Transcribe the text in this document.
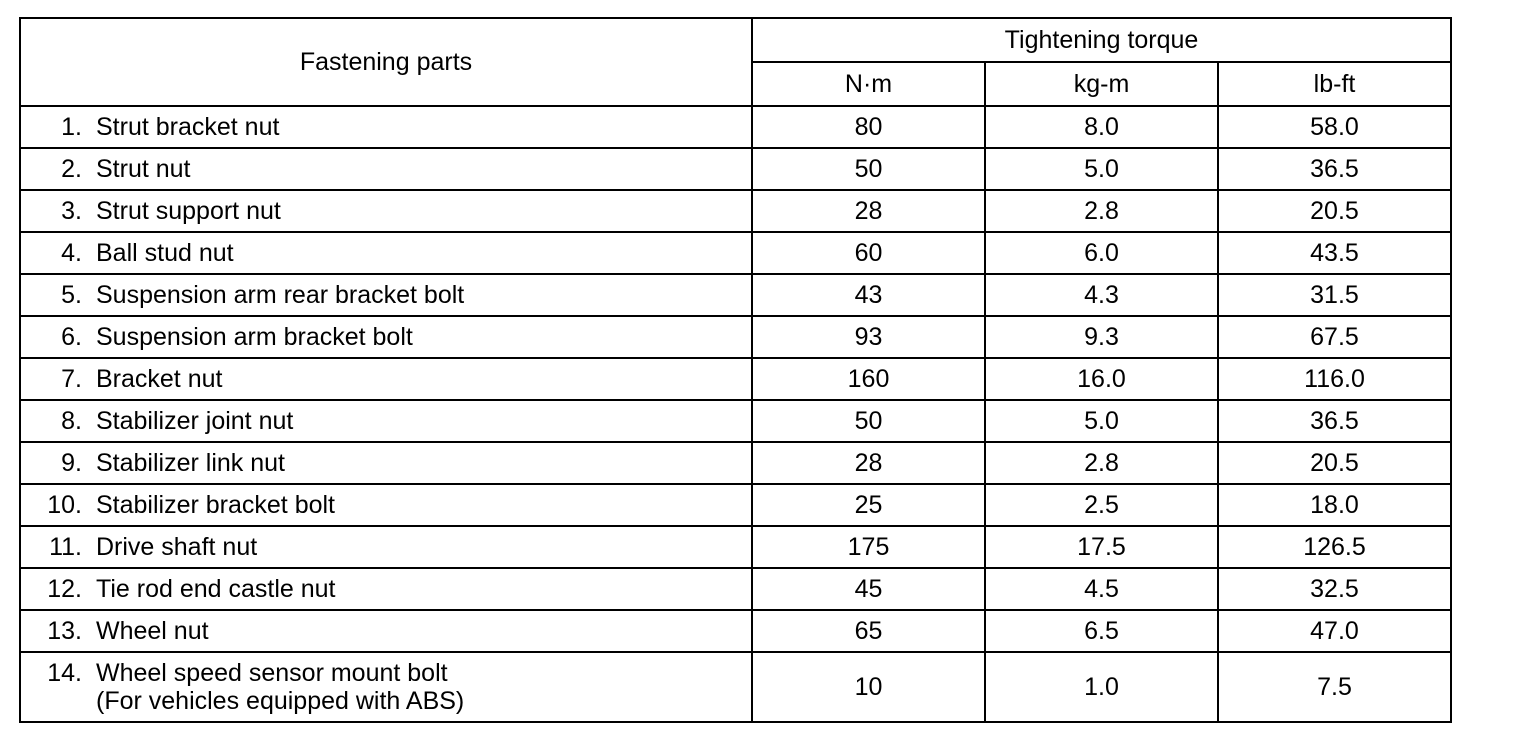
Fastening parts	Tightening torque		
	N·m	kg-m	lb-ft

1. Strut bracket nut	80	8.0	58.0

2. Strut nut	50	5.0	36.5

3. Strut support nut	28	2.8	20.5

4. Ball stud nut	60	6.0	43.5

5. Suspension arm rear bracket bolt	43	4.3	31.5

6. Suspension arm bracket bolt	93	9.3	67.5

7. Bracket nut	160	16.0	116.0

8. Stabilizer joint nut	50	5.0	36.5

9. Stabilizer link nut	28	2.8	20.5

10. Stabilizer bracket bolt	25	2.5	18.0

11. Drive shaft nut	175	17.5	126.5

12. Tie rod end castle nut	45	4.5	32.5

13. Wheel nut	65	6.5	47.0

14. Wheel speed sensor mount bolt
(For vehicles equipped with ABS)	10	1.0	7.5
